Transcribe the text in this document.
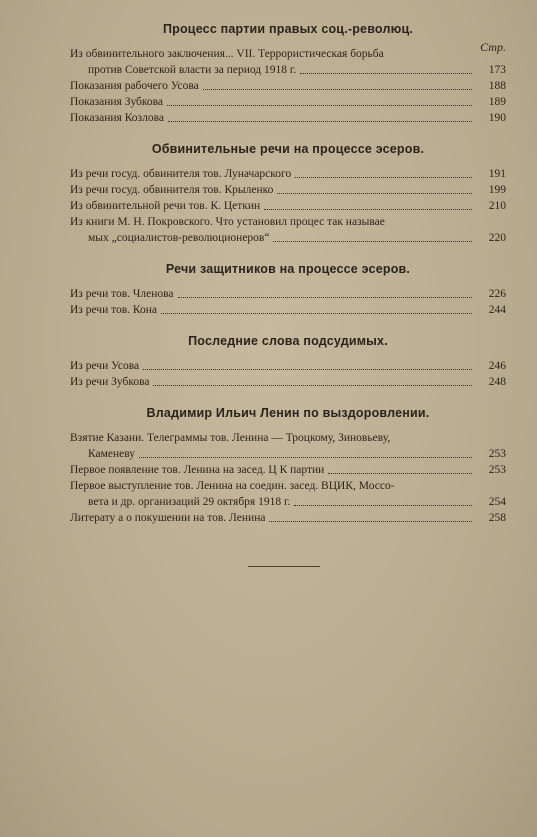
Стр.
Процесс партии правых соц.-революц.
Из обвинительного заключения... VII. Террористическая борьба
против Советской власти за период 1918 г.	173
Показания рабочего Усова	188
Показания Зубкова	189
Показания Козлова	190
Обвинительные речи на процессе эсеров.
Из речи госуд. обвинителя тов. Луначарского	191
Из речи госуд. обвинителя тов. Крыленко	199
Из обвинительной речи тов. К. Цеткин	210
Из книги М. Н. Покровского. Что установил процес так называе
мых „социалистов-революционеров“	220
Речи защитников на процессе эсеров.
Из речи тов. Членова	226
Из речи тов. Кона	244
Последние слова подсудимых.
Из речи Усова	246
Из речи Зубкова	248
Владимир Ильич Ленин по выздоровлении.
Взятие Казани. Телеграммы тов. Ленина — Троцкому, Зиновьеву,
Каменеву	253
Первое появление тов. Ленина на засед. Ц К партии	253
Первое выступление тов. Ленина на соедин. засед. ВЦИК, Моссо-
вета и др. организаций 29 октября 1918 г.	254
Литерату а о покушении на тов. Ленина	258
